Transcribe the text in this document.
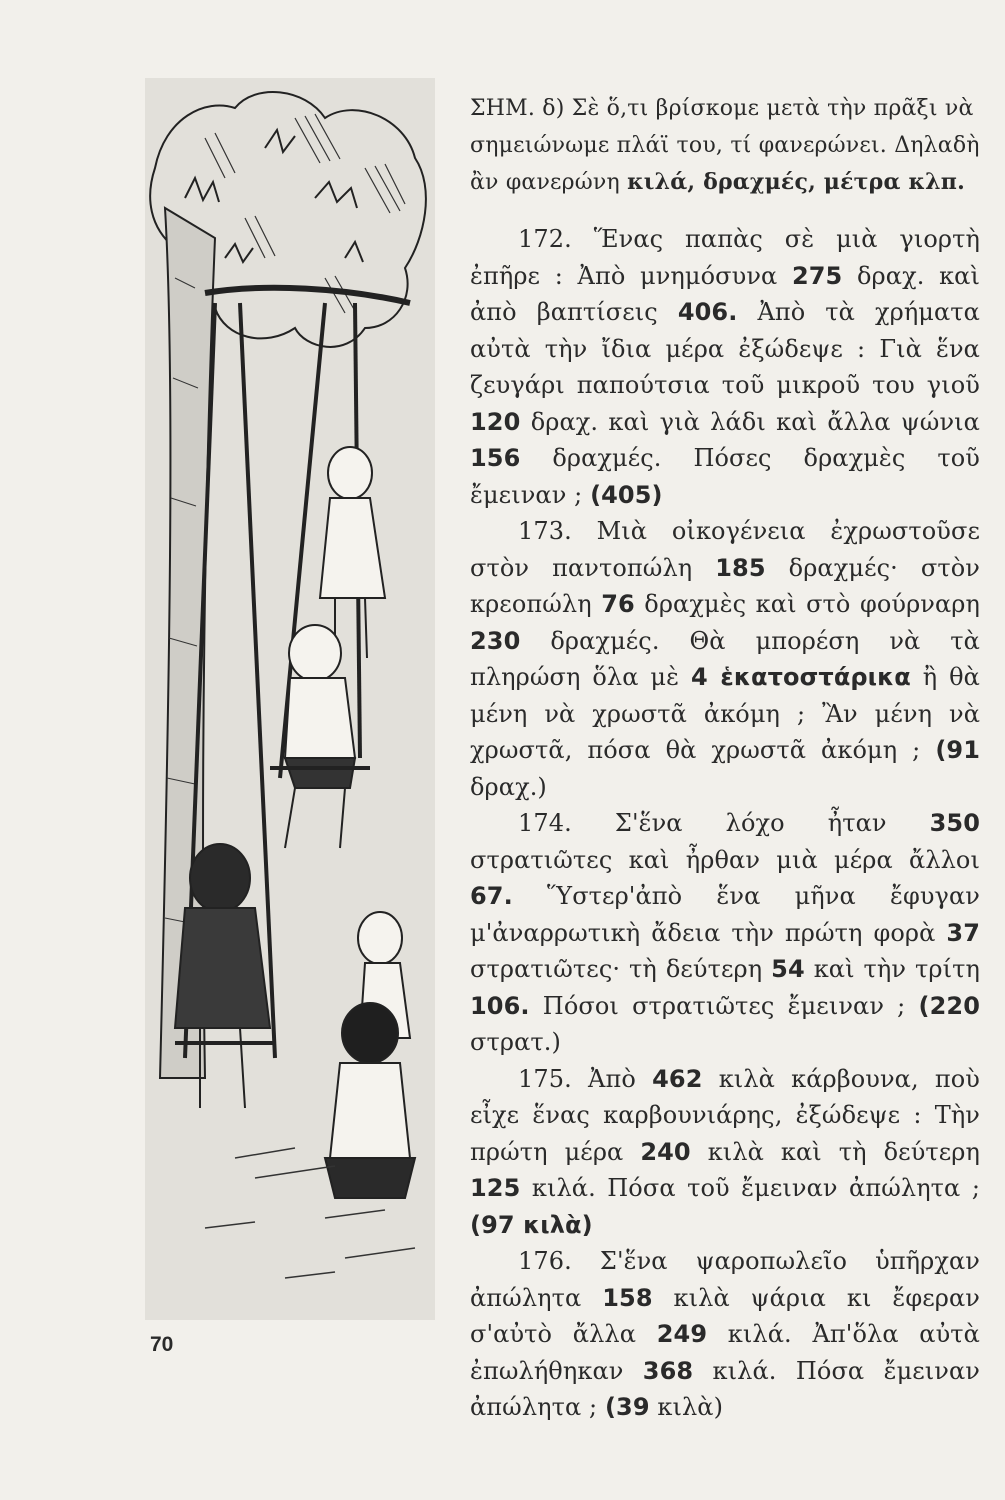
ΣΗΜ. δ) Σὲ ὅ,τι βρίσκομε μετὰ τὴν πρᾶξι νὰ σημειώνωμε πλάϊ του, τί φανερώνει. Δηλαδὴ ἂν φανερώνη κιλά, δραχμές, μέτρα κλπ.
172. Ἕνας παπὰς σὲ μιὰ γιορτὴ ἐπῆρε : Ἀπὸ μνημόσυνα 275 δραχ. καὶ ἀπὸ βαπτίσεις 406. Ἀπὸ τὰ χρήματα αὐτὰ τὴν ἴδια μέρα ἐξώδεψε : Γιὰ ἕνα ζευγάρι παπούτσια τοῦ μικροῦ του γιοῦ 120 δραχ. καὶ γιὰ λάδι καὶ ἄλλα ψώνια 156 δραχμές. Πόσες δραχμὲς τοῦ ἔμειναν ; (405)
173. Μιὰ οἰκογένεια ἐχρωστοῦσε στὸν παντοπώλη 185 δραχμές· στὸν κρεοπώλη 76 δραχμὲς καὶ στὸ φούρναρη 230 δραχμές. Θὰ μπορέση νὰ τὰ πληρώση ὅλα μὲ 4 ἑκατοστάρικα ἢ θὰ μένη νὰ χρωστᾶ ἀκόμη ; Ἂν μένη νὰ χρωστᾶ, πόσα θὰ χρωστᾶ ἀκόμη ; (91 δραχ.)
174. Σ'ἕνα λόχο ἦταν 350 στρατιῶτες καὶ ἦρθαν μιὰ μέρα ἄλλοι 67. Ὕστερ'ἀπὸ ἕνα μῆνα ἔφυγαν μ'ἀναρρωτικὴ ἄδεια τὴν πρώτη φορὰ 37 στρατιῶτες· τὴ δεύτερη 54 καὶ τὴν τρίτη 106. Πόσοι στρατιῶτες ἔμειναν ; (220 στρατ.)
175. Ἀπὸ 462 κιλὰ κάρβουνα, ποὺ εἶχε ἕνας καρβουνιάρης, ἐξώδεψε : Τὴν πρώτη μέρα 240 κιλὰ καὶ τὴ δεύτερη 125 κιλά. Πόσα τοῦ ἔμειναν ἀπώλητα ; (97 κιλὰ)
176. Σ'ἕνα ψαροπωλεῖο ὑπῆρχαν ἀπώλητα 158 κιλὰ ψάρια κι ἔφεραν σ'αὐτὸ ἄλλα 249 κιλά. Ἀπ'ὅλα αὐτὰ ἐπωλήθηκαν 368 κιλά. Πόσα ἔμειναν ἀπώλητα ; (39 κιλὰ)
70
